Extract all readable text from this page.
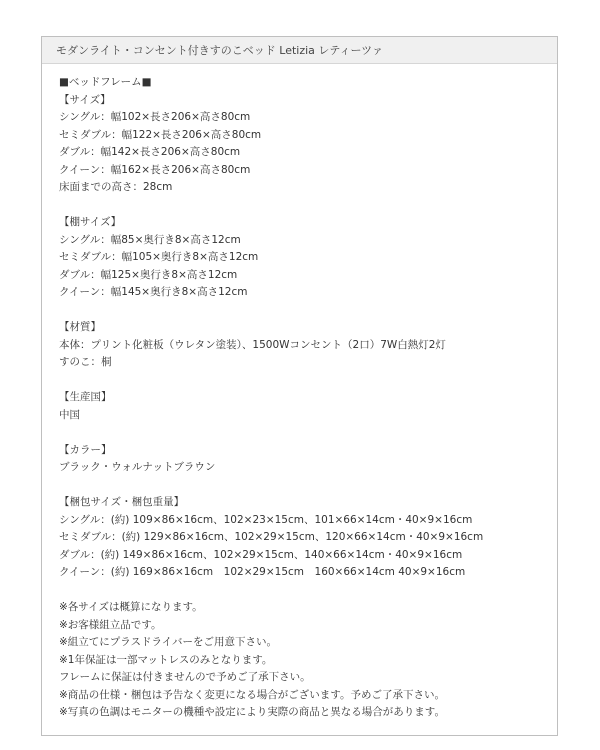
モダンライト・コンセント付きすのこベッド Letizia レティーツァ
■ベッドフレーム■
【サイズ】
シングル：幅102×長さ206×高さ80cm
セミダブル：幅122×長さ206×高さ80cm
ダブル：幅142×長さ206×高さ80cm
クイーン：幅162×長さ206×高さ80cm
床面までの高さ：28cm
【棚サイズ】
シングル：幅85×奥行き8×高さ12cm
セミダブル：幅105×奥行き8×高さ12cm
ダブル：幅125×奥行き8×高さ12cm
クイーン：幅145×奥行き8×高さ12cm
【材質】
本体：プリント化粧板（ウレタン塗装）、1500Wコンセント（2口）7W白熱灯2灯
すのこ：桐
【生産国】
中国
【カラー】
ブラック・ウォルナットブラウン
【梱包サイズ・梱包重量】
シングル：(約) 109×86×16cm、102×23×15cm、101×66×14cm・40×9×16cm
セミダブル：(約) 129×86×16cm、102×29×15cm、120×66×14cm・40×9×16cm
ダブル：(約) 149×86×16cm、102×29×15cm、140×66×14cm・40×9×16cm
クイーン：(約) 169×86×16cm　102×29×15cm　160×66×14cm 40×9×16cm
※各サイズは概算になります。
※お客様組立品です。
※組立てにプラスドライバーをご用意下さい。
※1年保証は一部マットレスのみとなります。
フレームに保証は付きませんので予めご了承下さい。
※商品の仕様・梱包は予告なく変更になる場合がございます。予めご了承下さい。
※写真の色調はモニターの機種や設定により実際の商品と異なる場合があります。
